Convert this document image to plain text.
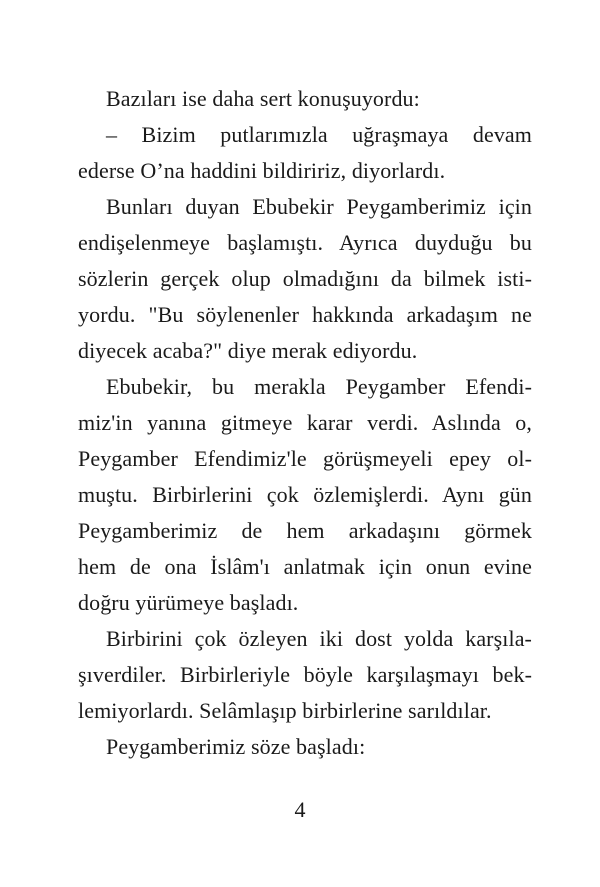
Bazıları ise daha sert konuşuyordu:
– Bizim putlarımızla uğraşmaya devam
ederse O’na haddini bildiririz, diyorlardı.
Bunları duyan Ebubekir Peygamberimiz için
endişelenmeye başlamıştı. Ayrıca duyduğu bu
sözlerin gerçek olup olmadığını da bilmek isti-
yordu. "Bu söylenenler hakkında arkadaşım ne
diyecek acaba?" diye merak ediyordu.
Ebubekir, bu merakla Peygamber Efendi-
miz'in yanına gitmeye karar verdi. Aslında o,
Peygamber Efendimiz'le görüşmeyeli epey ol-
muştu. Birbirlerini çok özlemişlerdi. Aynı gün
Peygamberimiz de hem arkadaşını görmek
hem de ona İslâm'ı anlatmak için onun evine
doğru yürümeye başladı.
Birbirini çok özleyen iki dost yolda karşıla-
şıverdiler. Birbirleriyle böyle karşılaşmayı bek-
lemiyorlardı. Selâmlaşıp birbirlerine sarıldılar.
Peygamberimiz söze başladı:
4
